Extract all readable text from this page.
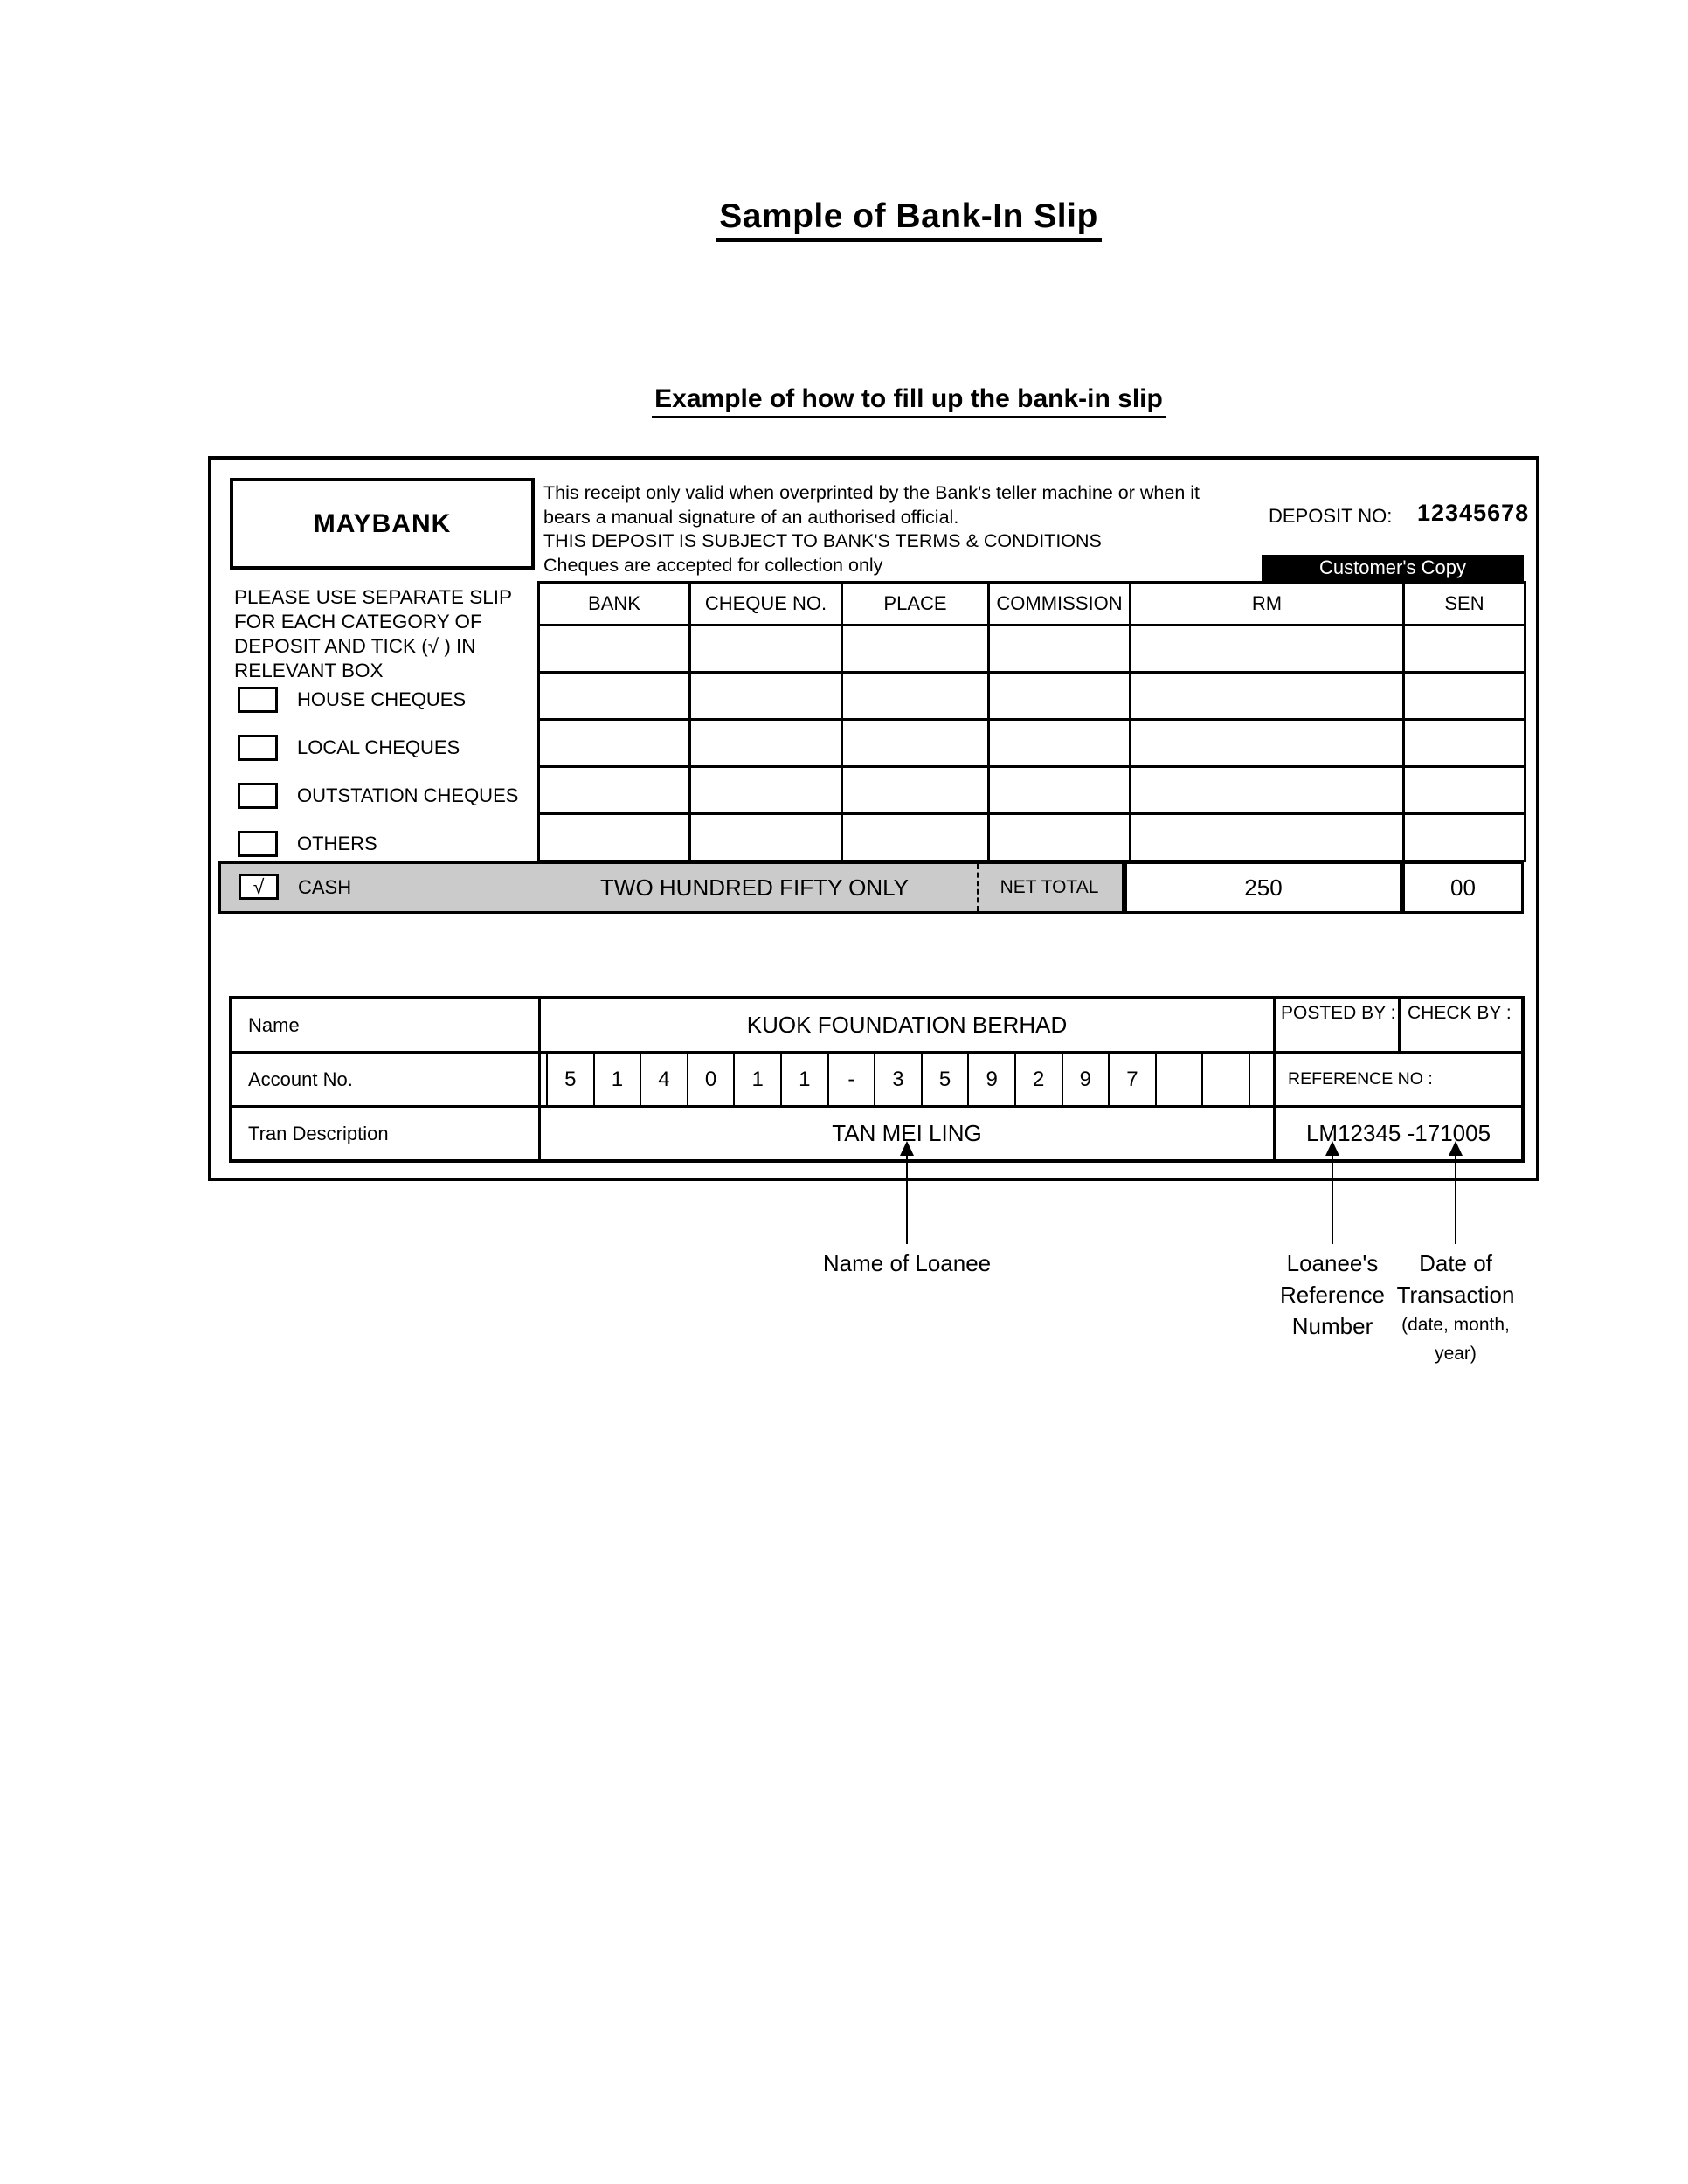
Sample of Bank-In Slip
Example of how to fill up the bank-in slip
MAYBANK
This receipt only valid when overprinted by the Bank's teller machine or when it
bears a manual signature of an authorised official.
THIS DEPOSIT IS SUBJECT TO BANK'S TERMS & CONDITIONS
Cheques are accepted for collection only
DEPOSIT NO: 12345678
Customer's Copy
BANK	CHEQUE NO.	PLACE	COMMISSION	RM	SEN

PLEASE USE SEPARATE SLIP
FOR EACH CATEGORY OF
DEPOSIT AND TICK (√ ) IN
RELEVANT BOX
HOUSE CHEQUES
LOCAL CHEQUES
OUTSTATION CHEQUES
OTHERS
√	CASH	TWO HUNDRED FIFTY ONLY	NET TOTAL	250	00
Name	KUOK FOUNDATION BERHAD	POSTED BY : CHECK BY :
Account No.	5	1	4	0	1	1	-	3	5	9	2	9	7	REFERENCE NO :
Tran Description	TAN MEI LING	LM12345 -171005
Name of Loanee	Loanee's
Reference
Number
Date of
Transaction
(date, month,
year)
